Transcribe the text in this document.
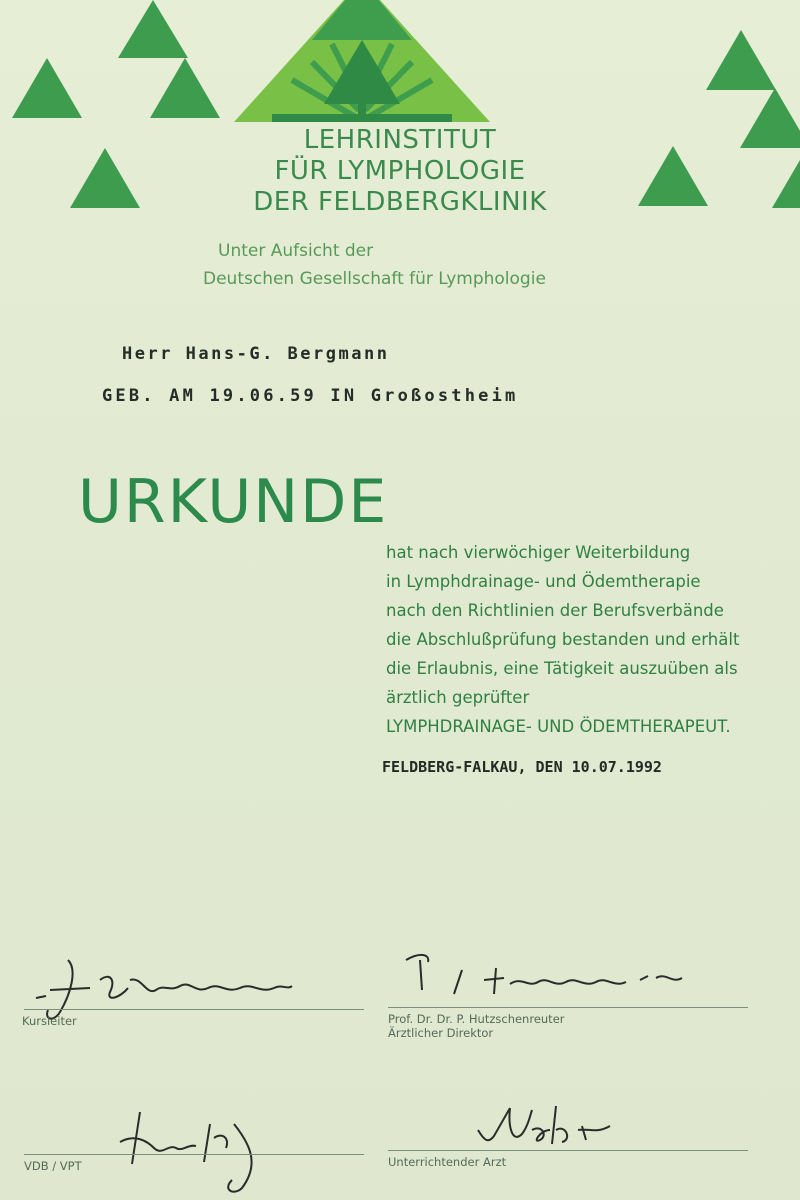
LEHRINSTITUT
FÜR LYMPHOLOGIE
DER FELDBERGKLINIK
Unter Aufsicht der
Deutschen Gesellschaft für Lymphologie
Herr Hans-G. Bergmann
GEB. AM 19.06.59 IN Großostheim
URKUNDE
hat nach vierwöchiger Weiterbildung
in Lymphdrainage- und Ödemtherapie
nach den Richtlinien der Berufsverbände
die Abschlußprüfung bestanden und erhält
die Erlaubnis, eine Tätigkeit auszuüben als
ärztlich geprüfter
LYMPHDRAINAGE- UND ÖDEMTHERAPEUT.
FELDBERG-FALKAU, DEN 10.07.1992
Kursleiter	Prof. Dr. Dr. P. Hutzschenreuter
Ärztlicher Direktor
VDB / VPT	Unterrichtender Arzt
